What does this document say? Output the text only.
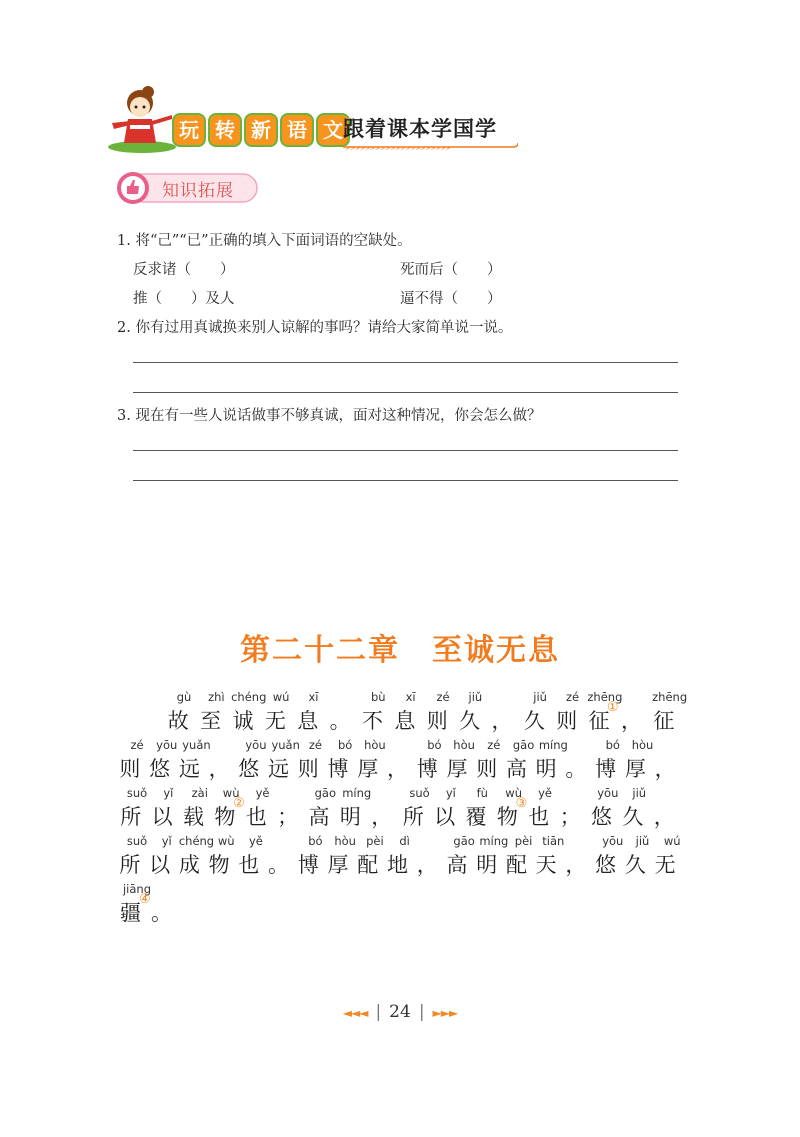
玩 转 新 语 文 跟着课本学国学
>>>>>>>>>>>>>>>>>>>>>
知识拓展
1. 将“己”“已”正确的填入下面词语的空缺处。
反求诸（　　）	死而后（　　）
推（　　）及人	逼不得（　　）
2. 你有过用真诚换来别人谅解的事吗？请给大家简单说一说。
3. 现在有一些人说话做事不够真诚，面对这种情况，你会怎么做？
第二十二章　至诚无息
gù
故
zhì
至
chéng
诚
wú
无
xī
息 。
bù
不
xī
息
zé
则
jiǔ
久 ，
jiǔ
久
zé
则
zhēng
征
①
，
zhēng
征
zé
则
yōu
悠
yuǎn
远 ，
yōu
悠
yuǎn
远
zé
则
bó
博
hòu
厚 ，
bó
博
hòu
厚
zé
则
gāo
高
míng
明 。
bó
博
hòu
厚 ，
suǒ
所
yǐ
以
zài
载
wù
物
②
yě
也 ；
gāo
高
míng
明 ，
suǒ
所
yǐ
以
fù
覆
wù
物
③
yě
也 ；
yōu
悠
jiǔ
久 ，
suǒ
所
yǐ
以
chéng
成
wù
物
yě
也 。
bó
博
hòu
厚
pèi
配
dì
地 ，
gāo
高
míng
明
pèi
配
tiān
天 ，
yōu
悠
jiǔ
久
wú
无
jiāng
疆
④
。
◄◄◄ | 24 | ►►►
